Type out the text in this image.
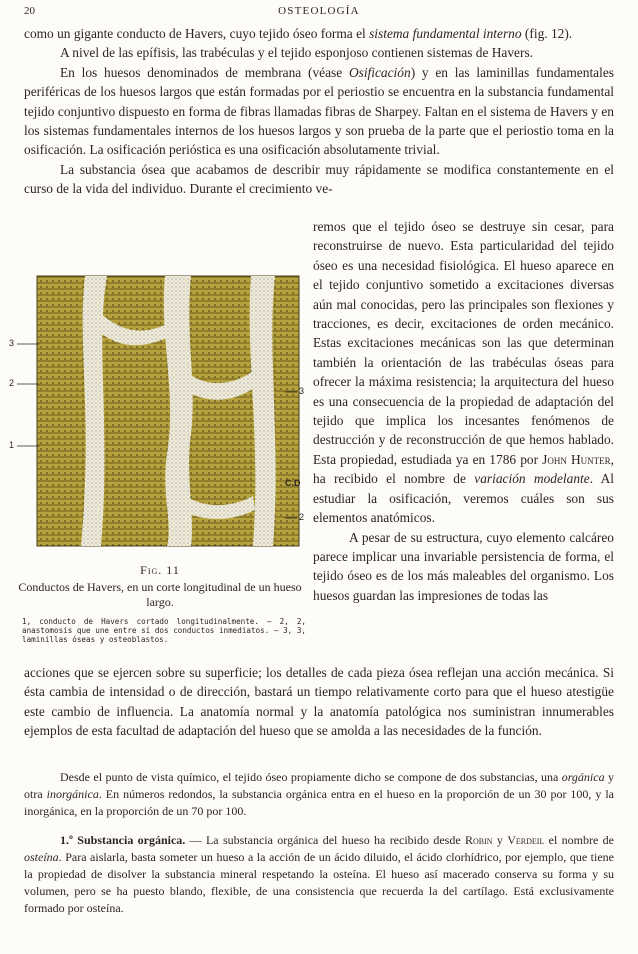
20	OSTEOLOGÍA

como un gigante conducto de Havers, cuyo tejido óseo forma el sistema fundamental interno (fig. 12).

A nivel de las epífisis, las trabéculas y el tejido esponjoso contienen sistemas de Havers.

En los huesos denominados de membrana (véase Osificación) y en las laminillas fundamentales periféricas de los huesos largos que están formadas por el periostio se encuentra en la substancia fundamental tejido conjuntivo dispuesto en forma de fibras llamadas fibras de Sharpey. Faltan en el sistema de Havers y en los sistemas fundamentales internos de los huesos largos y son prueba de la parte que el periostio toma en la osificación. La osificación perióstica es una osificación absolutamente trivial.

La substancia ósea que acabamos de describir muy rápidamente se modifica constantemente en el curso de la vida del individuo. Durante el crecimiento ve-

3
2
1
3
C.D
2
Fig. 11
Conductos de Havers, en un corte longitudinal de un hueso largo.
1, conducto de Havers cortado longitudinalmente. — 2, 2, anastomosis que une entre sí dos conductos inmediatos. — 3, 3, laminillas óseas y osteoblastos.

remos que el tejido óseo se destruye sin cesar, para reconstruirse de nuevo. Esta particularidad del tejido óseo es una necesidad fisiológica. El hueso aparece en el tejido conjuntivo sometido a excitaciones diversas aún mal conocidas, pero las principales son flexiones y tracciones, es decir, excitaciones de orden mecánico. Estas excitaciones mecánicas son las que determinan también la orientación de las trabéculas óseas para ofrecer la máxima resistencia; la arquitectura del hueso es una consecuencia de la propiedad de adaptación del tejido que implica los incesantes fenómenos de destrucción y de reconstrucción de que hemos hablado. Esta propiedad, estudiada ya en 1786 por John Hunter, ha recibido el nombre de variación modelante. Al estudiar la osificación, veremos cuáles son sus elementos anatómicos.

A pesar de su estructura, cuyo elemento calcáreo parece implicar una invariable persistencia de forma, el tejido óseo es de los más maleables del organismo. Los huesos guardan las impresiones de todas las

acciones que se ejercen sobre su superficie; los detalles de cada pieza ósea reflejan una acción mecánica. Si ésta cambia de intensidad o de dirección, bastará un tiempo relativamente corto para que el hueso atestigüe este cambio de influencia. La anatomía normal y la anatomía patológica nos suministran innumerables ejemplos de esta facultad de adaptación del hueso que se amolda a las necesidades de la función.

Desde el punto de vista químico, el tejido óseo propiamente dicho se compone de dos substancias, una orgánica y otra inorgánica. En números redondos, la substancia orgánica entra en el hueso en la proporción de un 30 por 100, y la inorgánica, en la proporción de un 70 por 100.

1.º Substancia orgánica. — La substancia orgánica del hueso ha recibido desde Robin y Verdeil el nombre de osteína. Para aislarla, basta someter un hueso a la acción de un ácido diluido, el ácido clorhídrico, por ejemplo, que tiene la propiedad de disolver la substancia mineral respetando la osteína. El hueso así macerado conserva su forma y su volumen, pero se ha puesto blando, flexible, de una consistencia que recuerda la del cartílago. Está exclusivamente formado por osteína.
